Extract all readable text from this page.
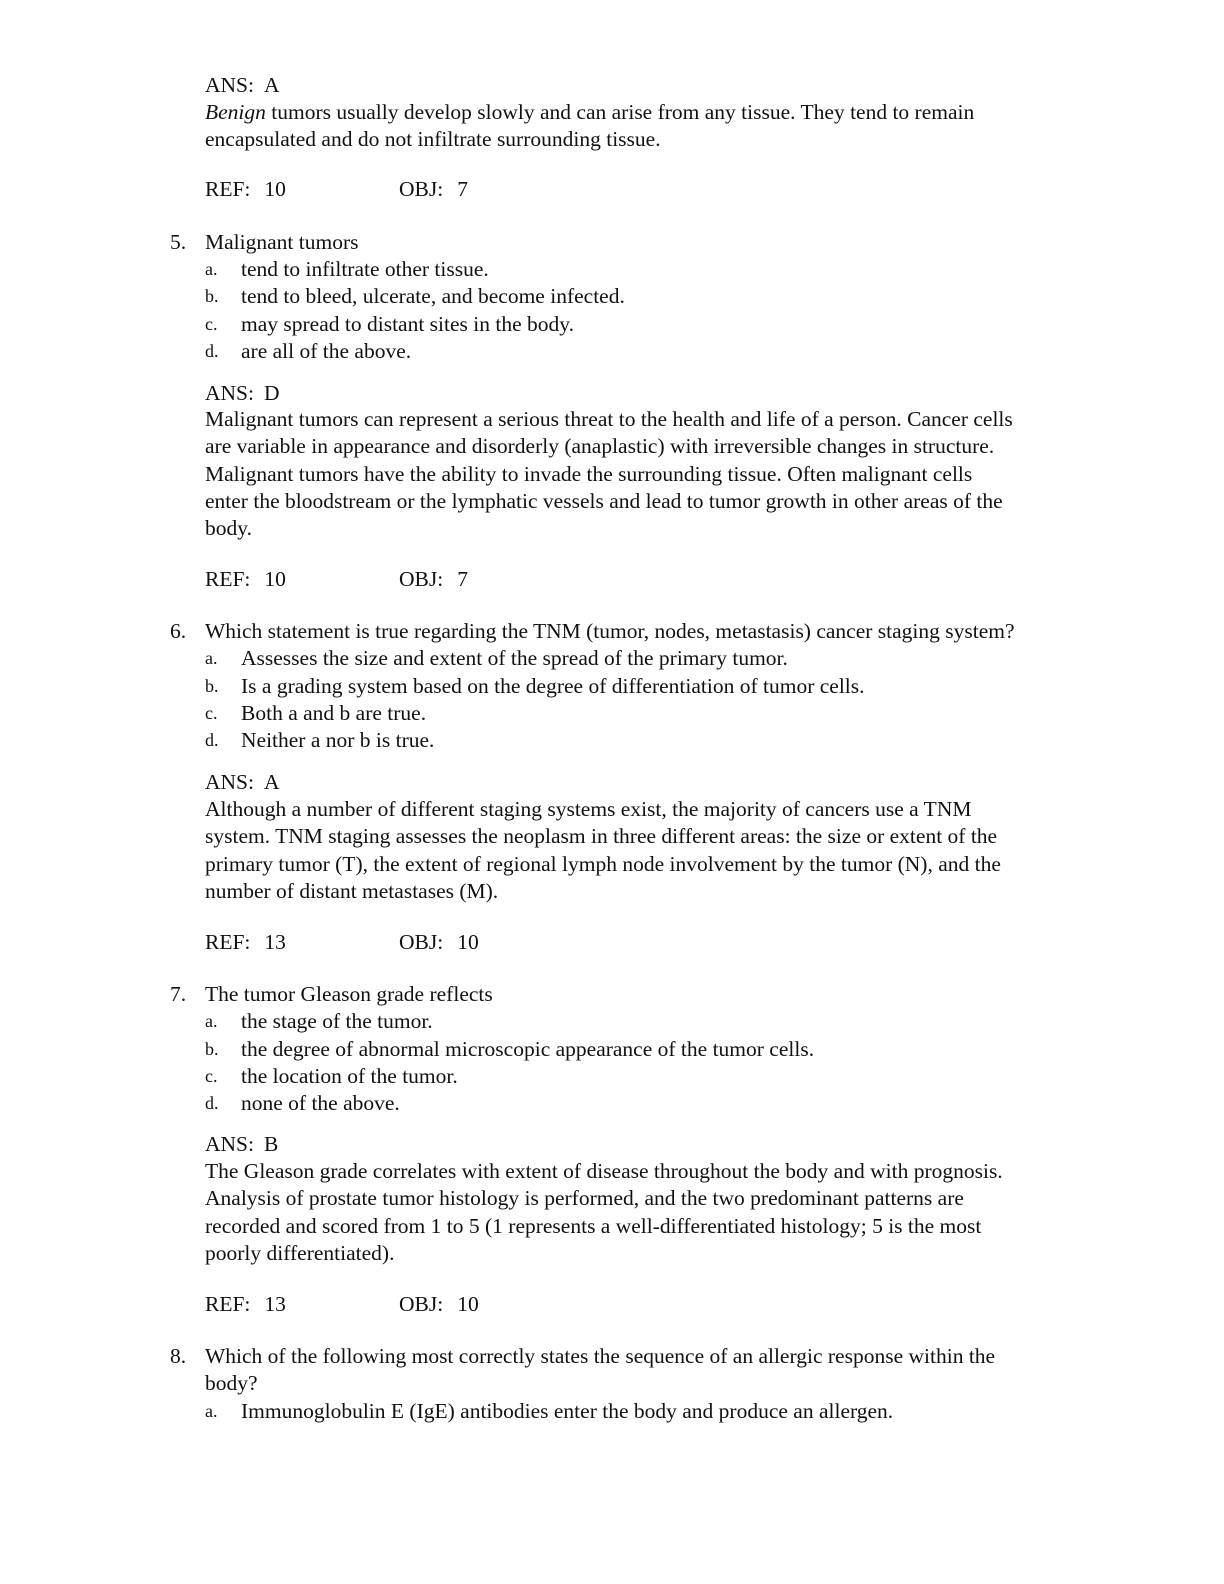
ANS: A
Benign tumors usually develop slowly and can arise from any tissue. They tend to remain
encapsulated and do not infiltrate surrounding tissue.
REF: 10	OBJ: 7
5. Malignant tumors
a.	tend to infiltrate other tissue.
b.	tend to bleed, ulcerate, and become infected.
c.	may spread to distant sites in the body.
d.	are all of the above.
ANS: D
Malignant tumors can represent a serious threat to the health and life of a person. Cancer cells
are variable in appearance and disorderly (anaplastic) with irreversible changes in structure.
Malignant tumors have the ability to invade the surrounding tissue. Often malignant cells
enter the bloodstream or the lymphatic vessels and lead to tumor growth in other areas of the
body.
REF: 10	OBJ: 7
6. Which statement is true regarding the TNM (tumor, nodes, metastasis) cancer staging system?
a.	Assesses the size and extent of the spread of the primary tumor.
b.	Is a grading system based on the degree of differentiation of tumor cells.
c.	Both a and b are true.
d.	Neither a nor b is true.
ANS: A
Although a number of different staging systems exist, the majority of cancers use a TNM
system. TNM staging assesses the neoplasm in three different areas: the size or extent of the
primary tumor (T), the extent of regional lymph node involvement by the tumor (N), and the
number of distant metastases (M).
REF: 13	OBJ: 10
7. The tumor Gleason grade reflects
a.	the stage of the tumor.
b.	the degree of abnormal microscopic appearance of the tumor cells.
c.	the location of the tumor.
d.	none of the above.
ANS: B
The Gleason grade correlates with extent of disease throughout the body and with prognosis.
Analysis of prostate tumor histology is performed, and the two predominant patterns are
recorded and scored from 1 to 5 (1 represents a well-differentiated histology; 5 is the most
poorly differentiated).
REF: 13	OBJ: 10
8. Which of the following most correctly states the sequence of an allergic response within the
body?
a.	Immunoglobulin E (IgE) antibodies enter the body and produce an allergen.
